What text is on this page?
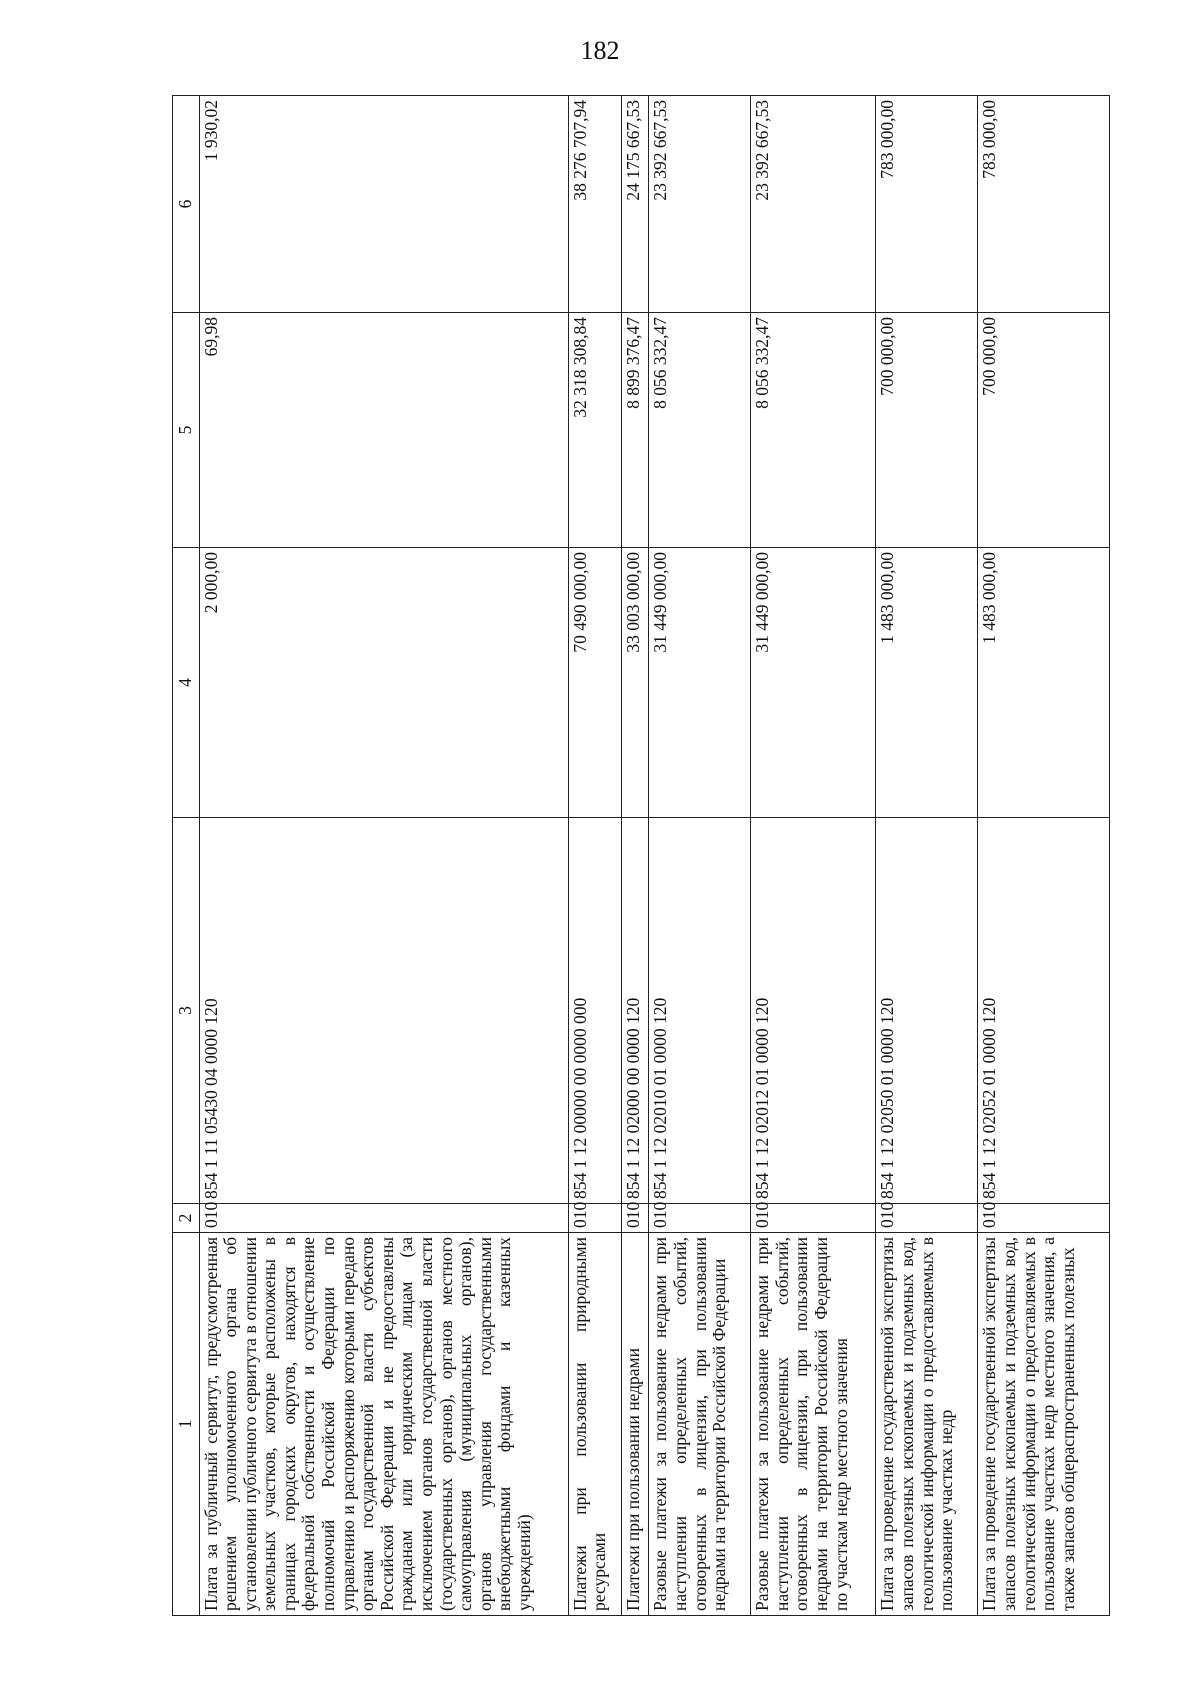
182
1	2	3	4	5	6
Плата за публичный сервитут, предусмотренная решением уполномоченного органа об установлении публичного сервитута в отношении земельных участков, которые расположены в границах городских округов, находятся в федеральной собственности и осуществление полномочий Российской Федерации по управлению и распоряжению которыми передано органам государственной власти субъектов Российской Федерации и не предоставлены гражданам или юридическим лицам (за исключением органов государственной власти (государственных органов), органов местного самоуправления (муниципальных органов), органов управления государственными внебюджетными фондами и казенных учреждений)	010	854 1 11 05430 04 0000 120	2 000,00	69,98	1 930,02
Платежи при пользовании природными ресурсами	010	854 1 12 00000 00 0000 000	70 490 000,00	32 318 308,84	38 276 707,94
Платежи при пользовании недрами	010	854 1 12 02000 00 0000 120	33 003 000,00	8 899 376,47	24 175 667,53
Разовые платежи за пользование недрами при наступлении определенных событий, оговоренных в лицензии, при пользовании недрами на территории Российской Федерации	010	854 1 12 02010 01 0000 120	31 449 000,00	8 056 332,47	23 392 667,53
Разовые платежи за пользование недрами при наступлении определенных событий, оговоренных в лицензии, при пользовании недрами на территории Российской Федерации по участкам недр местного значения	010	854 1 12 02012 01 0000 120	31 449 000,00	8 056 332,47	23 392 667,53
Плата за проведение государственной экспертизы запасов полезных ископаемых и подземных вод, геологической информации о предоставляемых в пользование участках недр	010	854 1 12 02050 01 0000 120	1 483 000,00	700 000,00	783 000,00
Плата за проведение государственной экспертизы запасов полезных ископаемых и подземных вод, геологической информации о предоставляемых в пользование участках недр местного значения, а также запасов общераспространенных полезных	010	854 1 12 02052 01 0000 120	1 483 000,00	700 000,00	783 000,00
